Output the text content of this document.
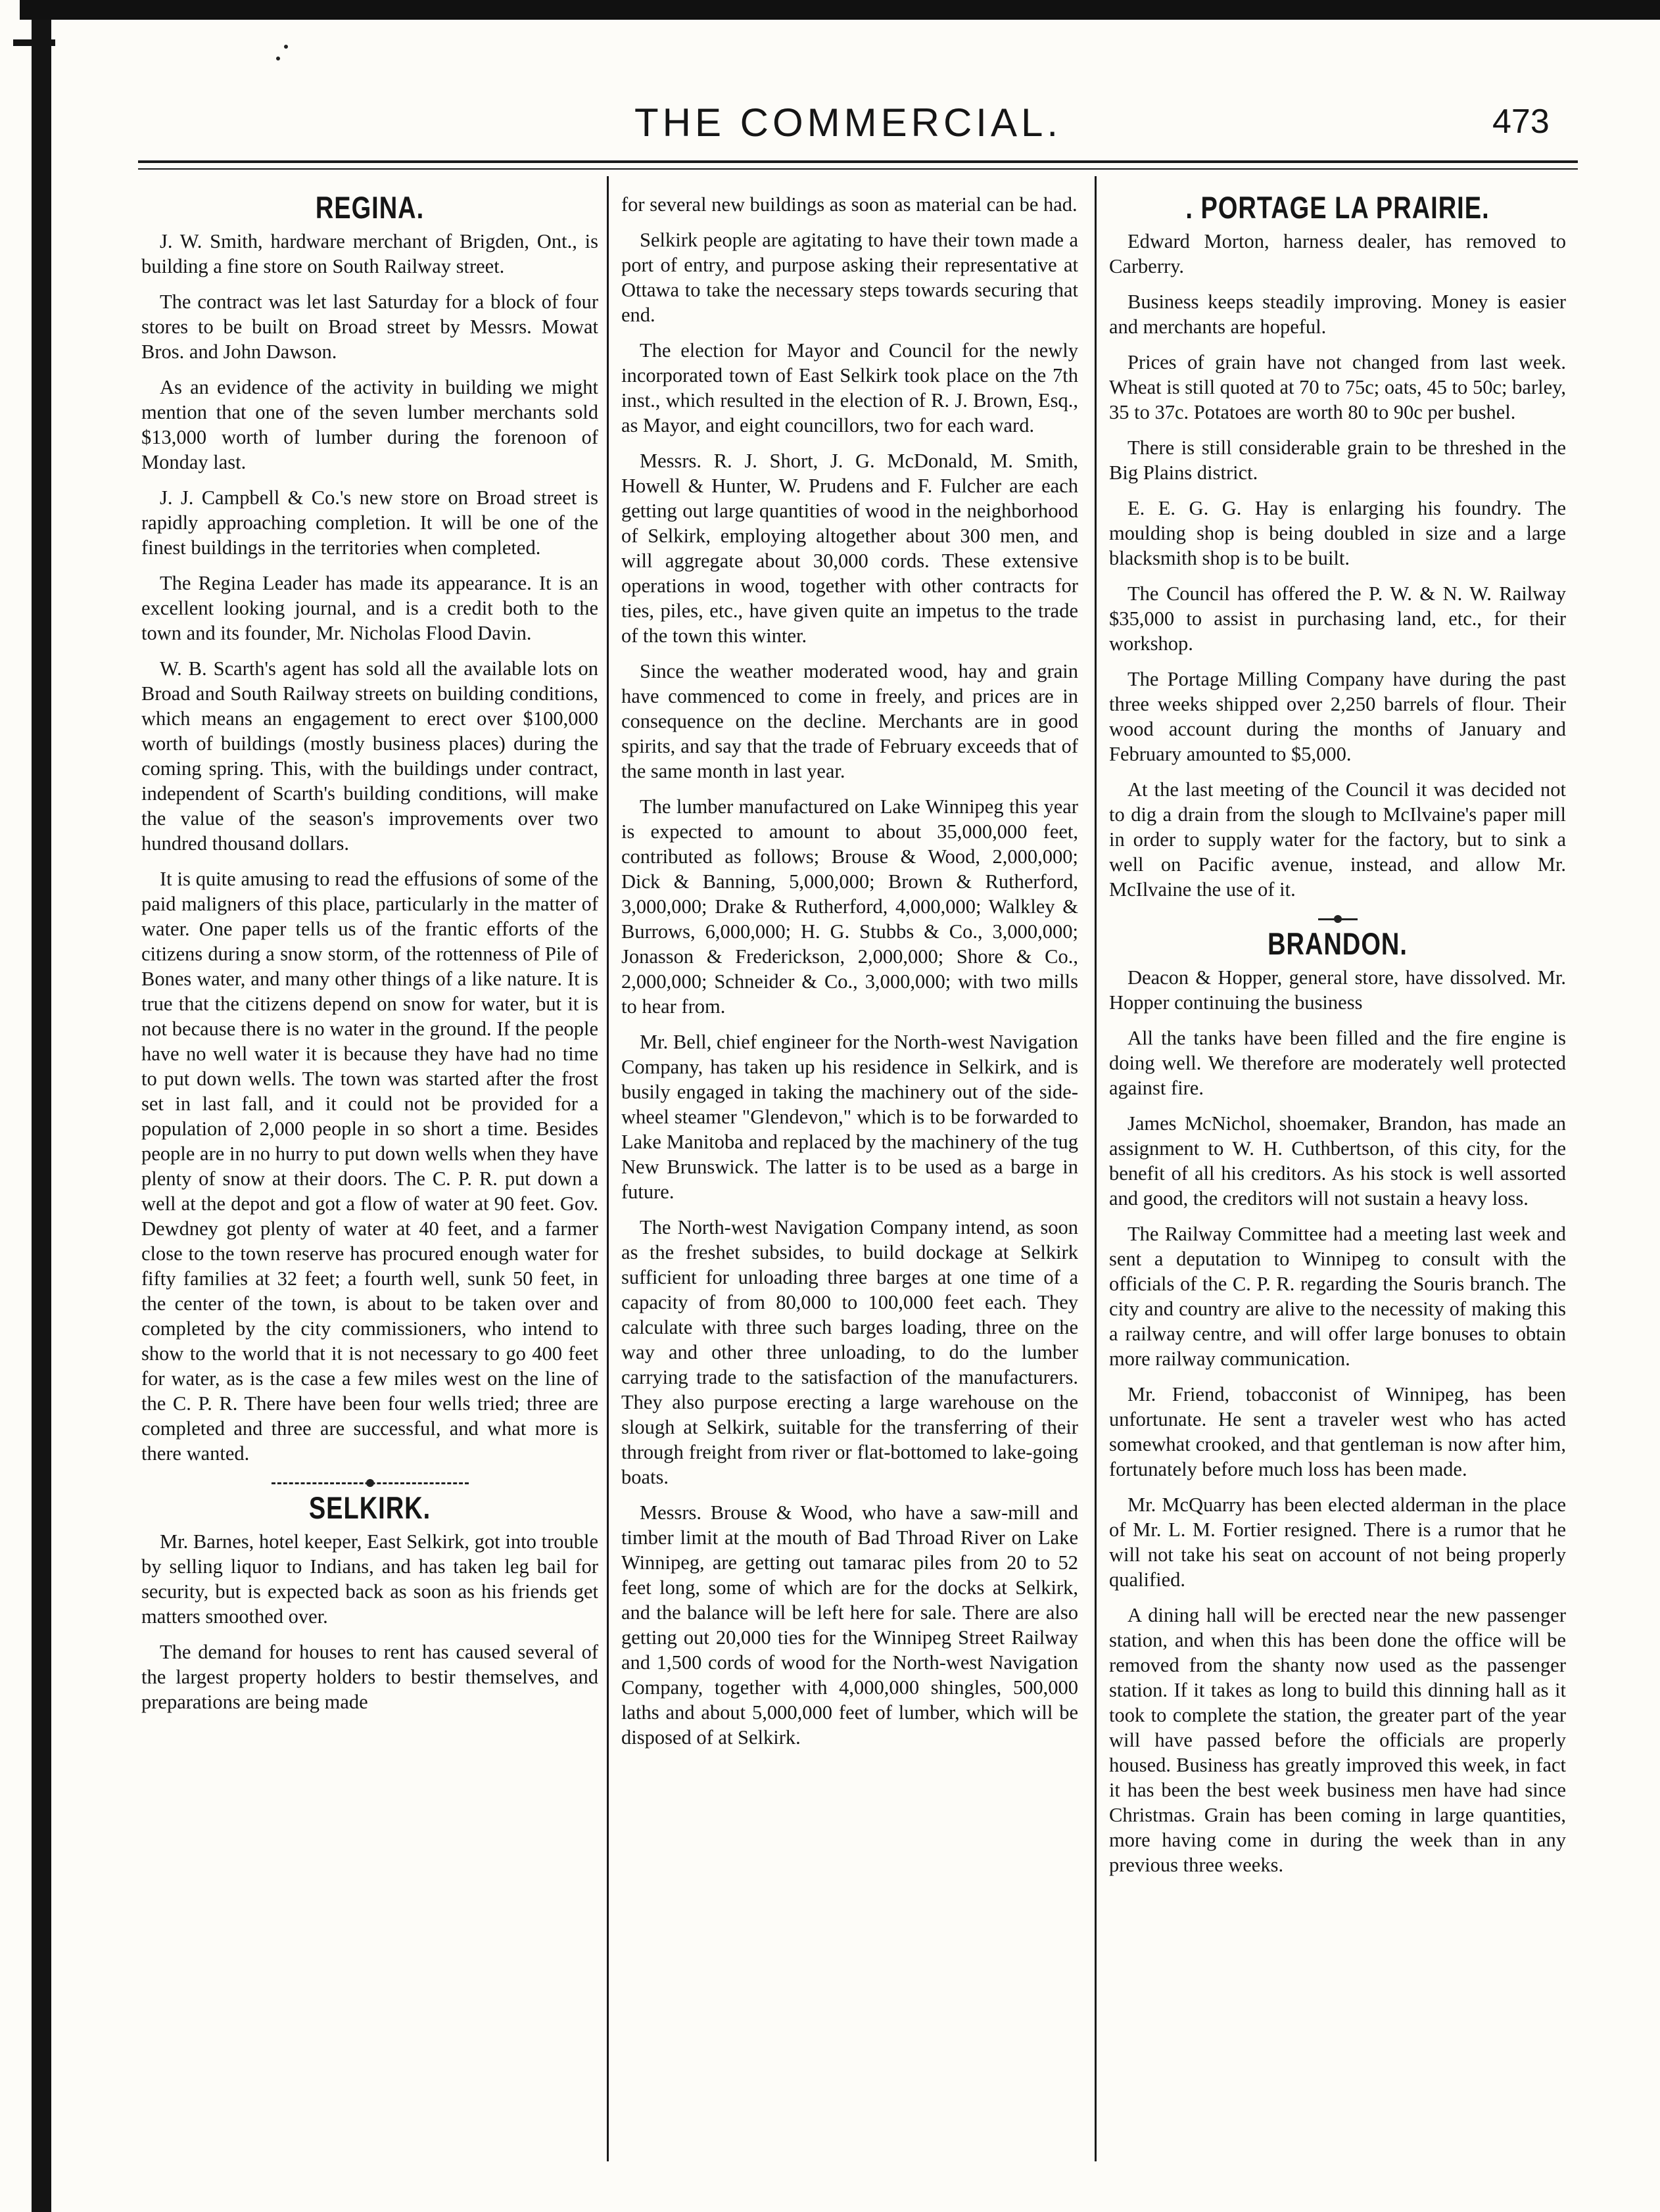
THE COMMERCIAL.	473
REGINA.

J. W. Smith, hardware merchant of Brigden, Ont., is building a fine store on South Railway street.

The contract was let last Saturday for a block of four stores to be built on Broad street by Messrs. Mowat Bros. and John Dawson.

As an evidence of the activity in building we might mention that one of the seven lumber merchants sold $13,000 worth of lumber during the forenoon of Monday last.

J. J. Campbell & Co.'s new store on Broad street is rapidly approaching completion. It will be one of the finest buildings in the territories when completed.

The Regina Leader has made its appearance. It is an excellent looking journal, and is a credit both to the town and its founder, Mr. Nicholas Flood Davin.

W. B. Scarth's agent has sold all the available lots on Broad and South Railway streets on building conditions, which means an engagement to erect over $100,000 worth of buildings (mostly business places) during the coming spring. This, with the buildings under contract, independent of Scarth's building conditions, will make the value of the season's improvements over two hundred thousand dollars.

It is quite amusing to read the effusions of some of the paid maligners of this place, particularly in the matter of water. One paper tells us of the frantic efforts of the citizens during a snow storm, of the rottenness of Pile of Bones water, and many other things of a like nature. It is true that the citizens depend on snow for water, but it is not because there is no water in the ground. If the people have no well water it is because they have had no time to put down wells. The town was started after the frost set in last fall, and it could not be provided for a population of 2,000 people in so short a time. Besides people are in no hurry to put down wells when they have plenty of snow at their doors. The C. P. R. put down a well at the depot and got a flow of water at 90 feet. Gov. Dewdney got plenty of water at 40 feet, and a farmer close to the town reserve has procured enough water for fifty families at 32 feet; a fourth well, sunk 50 feet, in the center of the town, is about to be taken over and completed by the city commissioners, who intend to show to the world that it is not necessary to go 400 feet for water, as is the case a few miles west on the line of the C. P. R. There have been four wells tried; three are completed and three are successful, and what more is there wanted.

SELKIRK.

Mr. Barnes, hotel keeper, East Selkirk, got into trouble by selling liquor to Indians, and has taken leg bail for security, but is expected back as soon as his friends get matters smoothed over.

The demand for houses to rent has caused several of the largest property holders to bestir themselves, and preparations are being made

for several new buildings as soon as material can be had.

Selkirk people are agitating to have their town made a port of entry, and purpose asking their representative at Ottawa to take the necessary steps towards securing that end.

The election for Mayor and Council for the newly incorporated town of East Selkirk took place on the 7th inst., which resulted in the election of R. J. Brown, Esq., as Mayor, and eight councillors, two for each ward.

Messrs. R. J. Short, J. G. McDonald, M. Smith, Howell & Hunter, W. Prudens and F. Fulcher are each getting out large quantities of wood in the neighborhood of Selkirk, employing altogether about 300 men, and will aggregate about 30,000 cords. These extensive operations in wood, together with other contracts for ties, piles, etc., have given quite an impetus to the trade of the town this winter.

Since the weather moderated wood, hay and grain have commenced to come in freely, and prices are in consequence on the decline. Merchants are in good spirits, and say that the trade of February exceeds that of the same month in last year.

The lumber manufactured on Lake Winnipeg this year is expected to amount to about 35,000,000 feet, contributed as follows; Brouse & Wood, 2,000,000; Dick & Banning, 5,000,000; Brown & Rutherford, 3,000,000; Drake & Rutherford, 4,000,000; Walkley & Burrows, 6,000,000; H. G. Stubbs & Co., 3,000,000; Jonasson & Frederickson, 2,000,000; Shore & Co., 2,000,000; Schneider & Co., 3,000,000; with two mills to hear from.

Mr. Bell, chief engineer for the North-west Navigation Company, has taken up his residence in Selkirk, and is busily engaged in taking the machinery out of the side-wheel steamer "Glendevon," which is to be forwarded to Lake Manitoba and replaced by the machinery of the tug New Brunswick. The latter is to be used as a barge in future.

The North-west Navigation Company intend, as soon as the freshet subsides, to build dockage at Selkirk sufficient for unloading three barges at one time of a capacity of from 80,000 to 100,000 feet each. They calculate with three such barges loading, three on the way and other three unloading, to do the lumber carrying trade to the satisfaction of the manufacturers. They also purpose erecting a large warehouse on the slough at Selkirk, suitable for the transferring of their through freight from river or flat-bottomed to lake-going boats.

Messrs. Brouse & Wood, who have a saw-mill and timber limit at the mouth of Bad Throad River on Lake Winnipeg, are getting out tamarac piles from 20 to 52 feet long, some of which are for the docks at Selkirk, and the balance will be left here for sale. There are also getting out 20,000 ties for the Winnipeg Street Railway and 1,500 cords of wood for the North-west Navigation Company, together with 4,000,000 shingles, 500,000 laths and about 5,000,000 feet of lumber, which will be disposed of at Selkirk.

. PORTAGE LA PRAIRIE.

Edward Morton, harness dealer, has removed to Carberry.

Business keeps steadily improving. Money is easier and merchants are hopeful.

Prices of grain have not changed from last week. Wheat is still quoted at 70 to 75c; oats, 45 to 50c; barley, 35 to 37c. Potatoes are worth 80 to 90c per bushel.

There is still considerable grain to be threshed in the Big Plains district.

E. E. G. G. Hay is enlarging his foundry. The moulding shop is being doubled in size and a large blacksmith shop is to be built.

The Council has offered the P. W. & N. W. Railway $35,000 to assist in purchasing land, etc., for their workshop.

The Portage Milling Company have during the past three weeks shipped over 2,250 barrels of flour. Their wood account during the months of January and February amounted to $5,000.

At the last meeting of the Council it was decided not to dig a drain from the slough to McIlvaine's paper mill in order to supply water for the factory, but to sink a well on Pacific avenue, instead, and allow Mr. McIlvaine the use of it.

BRANDON.

Deacon & Hopper, general store, have dissolved. Mr. Hopper continuing the business

All the tanks have been filled and the fire engine is doing well. We therefore are moderately well protected against fire.

James McNichol, shoemaker, Brandon, has made an assignment to W. H. Cuthbertson, of this city, for the benefit of all his creditors. As his stock is well assorted and good, the creditors will not sustain a heavy loss.

The Railway Committee had a meeting last week and sent a deputation to Winnipeg to consult with the officials of the C. P. R. regarding the Souris branch. The city and country are alive to the necessity of making this a railway centre, and will offer large bonuses to obtain more railway communication.

Mr. Friend, tobacconist of Winnipeg, has been unfortunate. He sent a traveler west who has acted somewhat crooked, and that gentleman is now after him, fortunately before much loss has been made.

Mr. McQuarry has been elected alderman in the place of Mr. L. M. Fortier resigned. There is a rumor that he will not take his seat on account of not being properly qualified.

A dining hall will be erected near the new passenger station, and when this has been done the office will be removed from the shanty now used as the passenger station. If it takes as long to build this dinning hall as it took to complete the station, the greater part of the year will have passed before the officials are properly housed. Business has greatly improved this week, in fact it has been the best week business men have had since Christmas. Grain has been coming in large quantities, more having come in during the week than in any previous three weeks.
